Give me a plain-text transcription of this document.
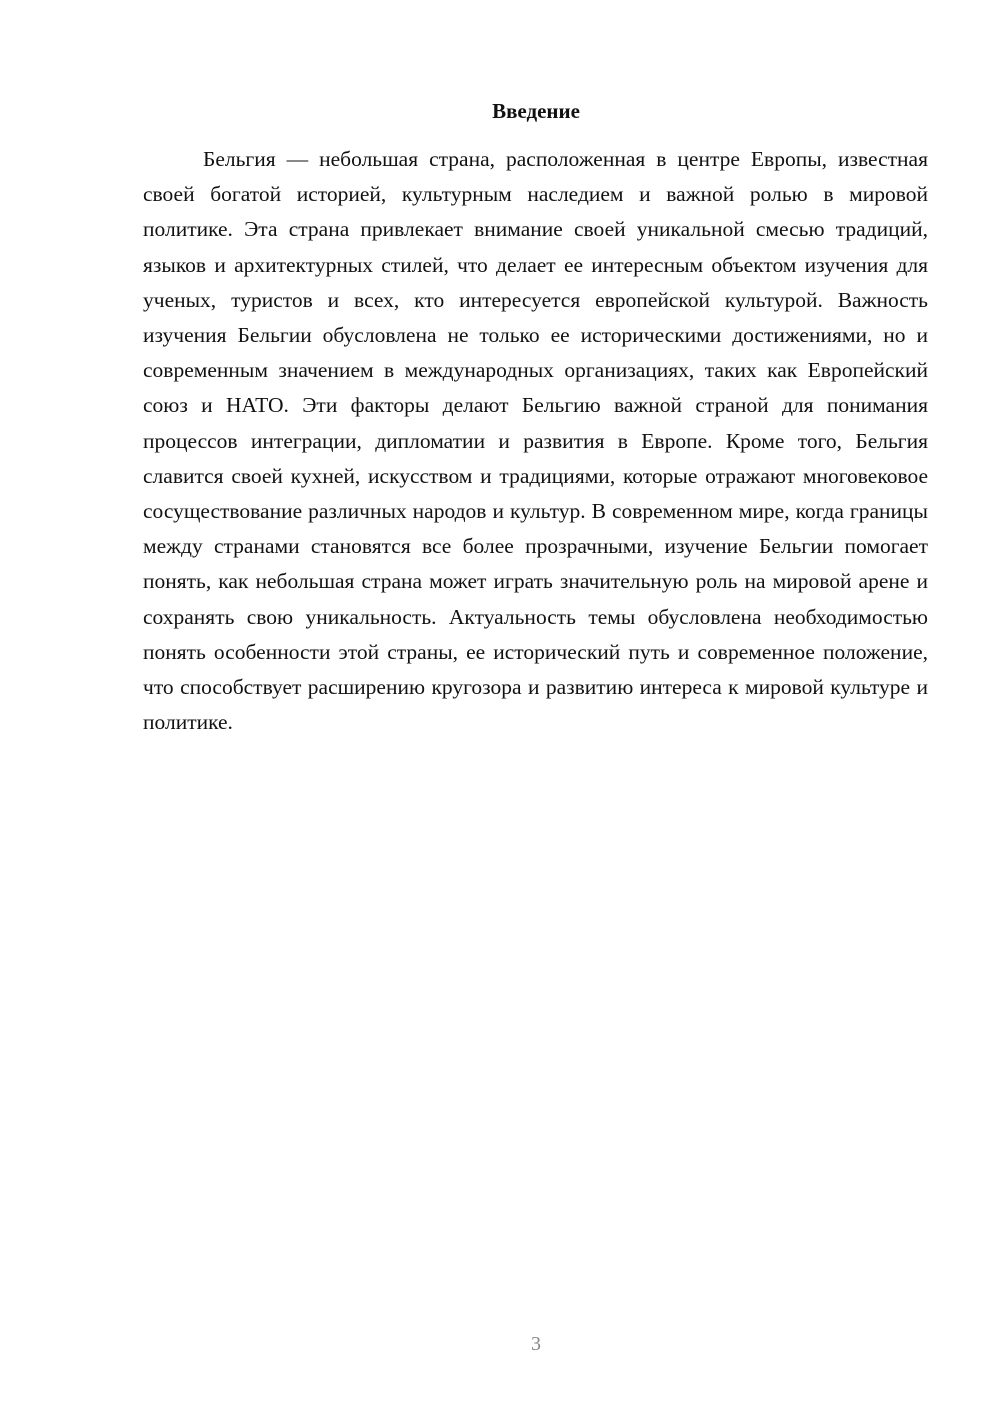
Введение

Бельгия — небольшая страна, расположенная в центре Европы, известная своей богатой историей, культурным наследием и важной ролью в мировой политике. Эта страна привлекает внимание своей уникальной смесью традиций, языков и архитектурных стилей, что делает ее интересным объектом изучения для ученых, туристов и всех, кто интересуется европейской культурой. Важность изучения Бельгии обусловлена не только ее историческими достижениями, но и современным значением в международных организациях, таких как Европейский союз и НАТО. Эти факторы делают Бельгию важной страной для понимания процессов интеграции, дипломатии и развития в Европе. Кроме того, Бельгия славится своей кухней, искусством и традициями, которые отражают многовековое сосуществование различных народов и культур. В современном мире, когда границы между странами становятся все более прозрачными, изучение Бельгии помогает понять, как небольшая страна может играть значительную роль на мировой арене и сохранять свою уникальность. Актуальность темы обусловлена необходимостью понять особенности этой страны, ее исторический путь и современное положение, что способствует расширению кругозора и развитию интереса к мировой культуре и политике.

3
